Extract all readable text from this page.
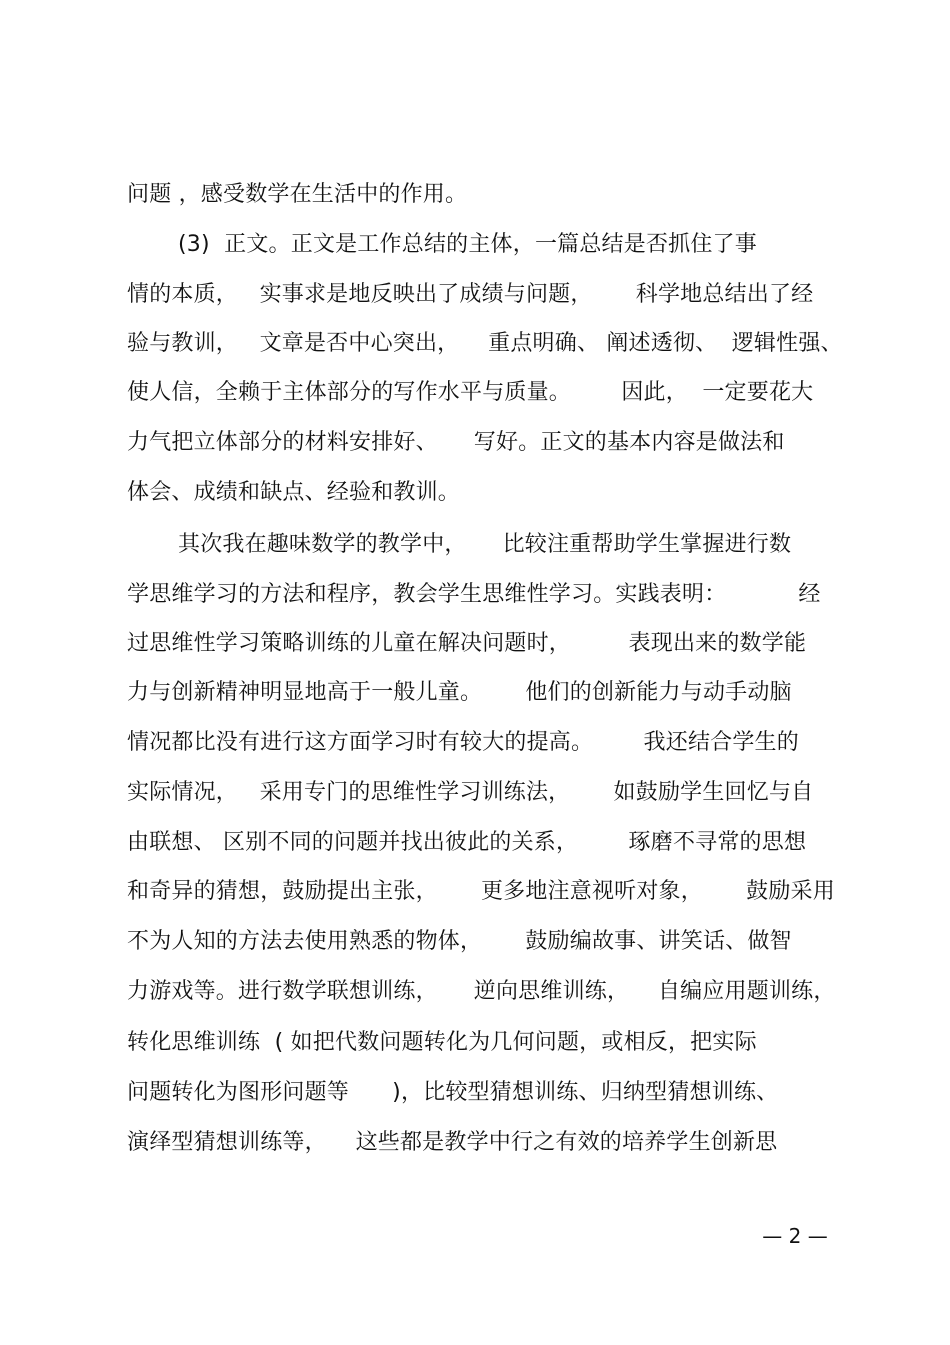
问题 ，感受数学在生活中的作用。
(3)  正文。正文是工作总结的主体，一篇总结是否抓住了事
情的本质，   实事求是地反映出了成绩与问题，      科学地总结出了经
验与教训，   文章是否中心突出，    重点明确、 阐述透彻、  逻辑性强、
使人信，全赖于主体部分的写作水平与质量。       因此，  一定要花大
力气把立体部分的材料安排好、     写好。正文的基本内容是做法和
体会、成绩和缺点、经验和教训。
其次我在趣味数学的教学中，     比较注重帮助学生掌握进行数
学思维学习的方法和程序，教会学生思维性学习。实践表明：          经
过思维性学习策略训练的儿童在解决问题时，        表现出来的数学能
力与创新精神明显地高于一般儿童。      他们的创新能力与动手动脑
情况都比没有进行这方面学习时有较大的提高。       我还结合学生的
实际情况，   采用专门的思维性学习训练法，      如鼓励学生回忆与自
由联想、 区别不同的问题并找出彼此的关系，       琢磨不寻常的思想
和奇异的猜想，鼓励提出主张，      更多地注意视听对象，      鼓励采用
不为人知的方法去使用熟悉的物体，      鼓励编故事、讲笑话、做智
力游戏等。进行数学联想训练，     逆向思维训练，    自编应用题训练，
转化思维训练  ( 如把代数问题转化为几何问题，或相反，把实际
问题转化为图形问题等      )，比较型猜想训练、归纳型猜想训练、
演绎型猜想训练等，    这些都是教学中行之有效的培养学生创新思
— 2 —
